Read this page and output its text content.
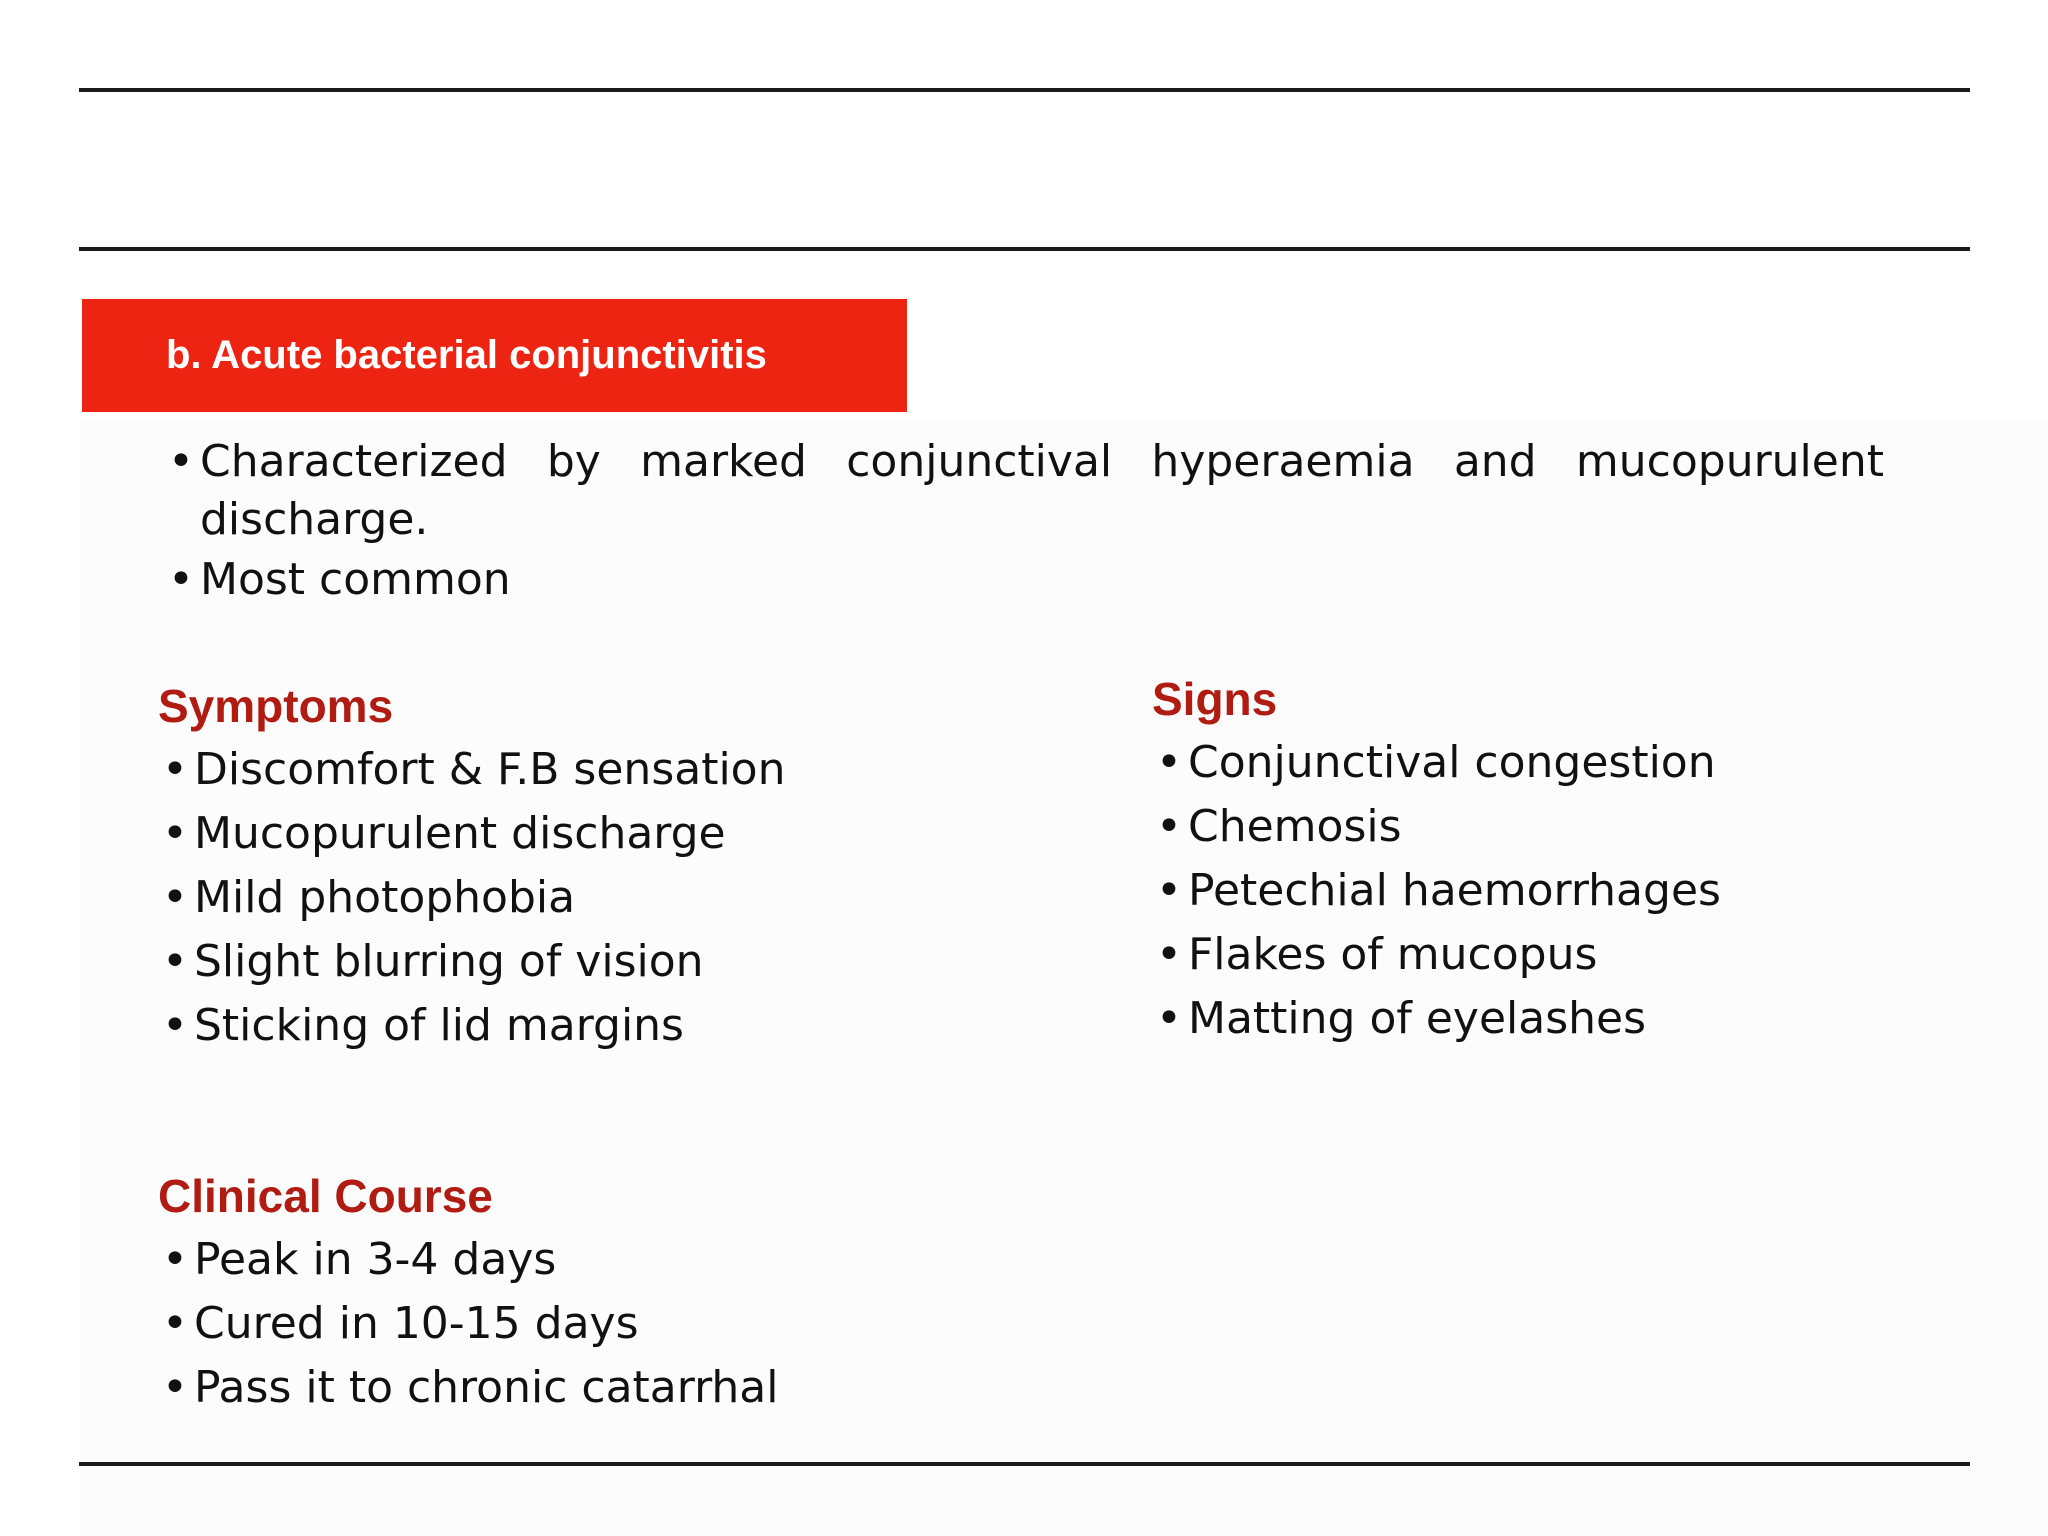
b. Acute bacterial conjunctivitis
• Characterized by marked conjunctival hyperaemia and mucopurulent discharge.
• Most common
Symptoms
• Discomfort & F.B sensation
• Mucopurulent discharge
• Mild photophobia
• Slight blurring of vision
• Sticking of lid margins
Signs
• Conjunctival congestion
• Chemosis
• Petechial haemorrhages
• Flakes of mucopus
• Matting of eyelashes
Clinical Course
• Peak in 3-4 days
• Cured in 10-15 days
• Pass it to chronic catarrhal
